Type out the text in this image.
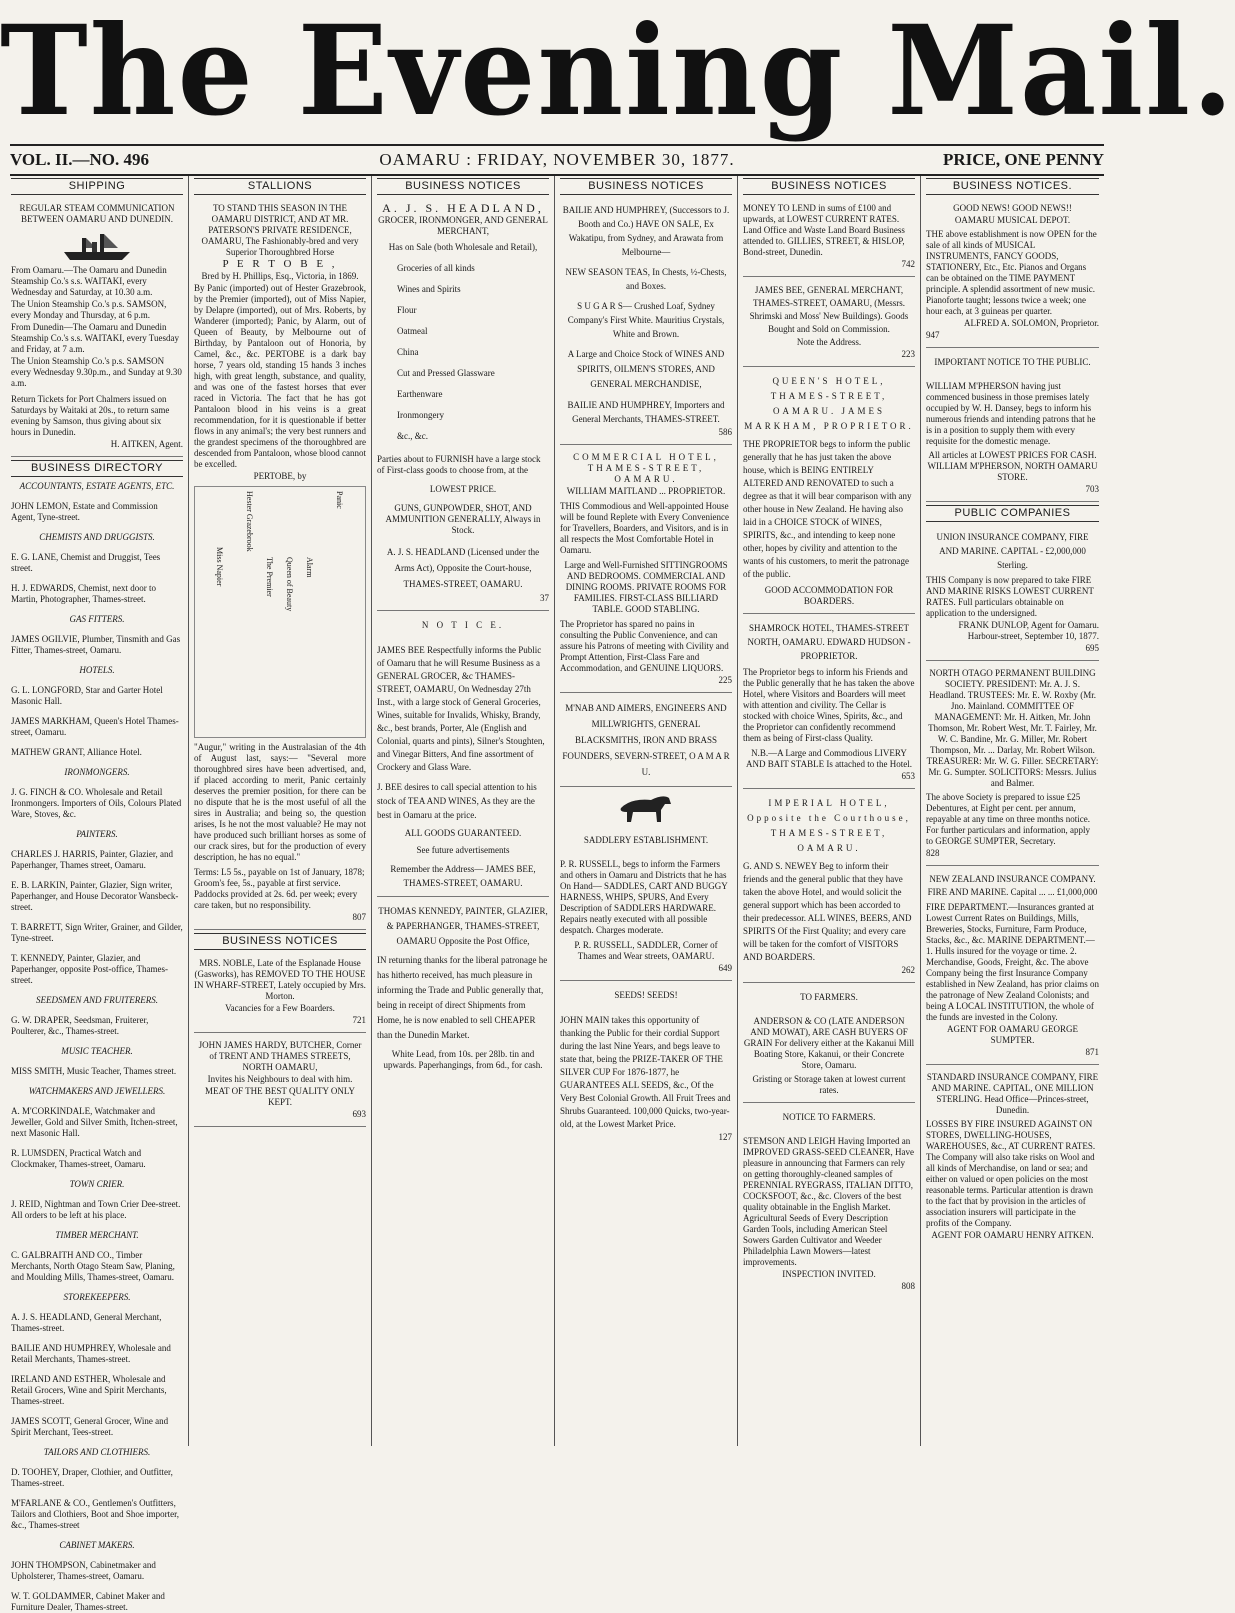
The Evening Mail.
OAMARU : FRIDAY, NOVEMBER 30, 1877.
VOL. II.—NO. 496	PRICE, ONE PENNY
SHIPPING

REGULAR STEAM COMMUNICATION BETWEEN OAMARU AND DUNEDIN.

From Oamaru.—The Oamaru and Dunedin Steamship Co.'s s.s. WAITAKI, every Wednesday and Saturday, at 10.30 a.m.

The Union Steamship Co.'s p.s. SAMSON, every Monday and Thursday, at 6 p.m.

From Dunedin—The Oamaru and Dunedin Steamship Co.'s s.s. WAITAKI, every Tuesday and Friday, at 7 a.m.

The Union Steamship Co.'s p.s. SAMSON every Wednesday 9.30p.m., and Sunday at 9.30 a.m.

Return Tickets for Port Chalmers issued on Saturdays by Waitaki at 20s., to return same evening by Samson, thus giving about six hours in Dunedin.

H. AITKEN, Agent.

BUSINESS DIRECTORY

ACCOUNTANTS, ESTATE AGENTS, ETC.

JOHN LEMON, Estate and Commission Agent, Tyne-street.

CHEMISTS AND DRUGGISTS.

E. G. LANE, Chemist and Druggist, Tees street.

H. J. EDWARDS, Chemist, next door to Martin, Photographer, Thames-street.

GAS FITTERS.

JAMES OGILVIE, Plumber, Tinsmith and Gas Fitter, Thames-street, Oamaru.

HOTELS.

G. L. LONGFORD, Star and Garter Hotel Masonic Hall.

JAMES MARKHAM, Queen's Hotel Thames-street, Oamaru.

MATHEW GRANT, Alliance Hotel.

IRONMONGERS.

J. G. FINCH & CO. Wholesale and Retail Ironmongers. Importers of Oils, Colours Plated Ware, Stoves, &c.

PAINTERS.

CHARLES J. HARRIS, Painter, Glazier, and Paperhanger, Thames street, Oamaru.

E. B. LARKIN, Painter, Glazier, Sign writer, Paperhanger, and House Decorator Wansbeck-street.

T. BARRETT, Sign Writer, Grainer, and Gilder, Tyne-street.

T. KENNEDY, Painter, Glazier, and Paperhanger, opposite Post-office, Thames-street.

SEEDSMEN AND FRUITERERS.

G. W. DRAPER, Seedsman, Fruiterer, Poulterer, &c., Thames-street.

MUSIC TEACHER.

MISS SMITH, Music Teacher, Thames street.

WATCHMAKERS AND JEWELLERS.

A. M'CORKINDALE, Watchmaker and Jeweller, Gold and Silver Smith, Itchen-street, next Masonic Hall.

R. LUMSDEN, Practical Watch and Clockmaker, Thames-street, Oamaru.

TOWN CRIER.

J. REID, Nightman and Town Crier Dee-street. All orders to be left at his place.

TIMBER MERCHANT.

C. GALBRAITH AND CO., Timber Merchants, North Otago Steam Saw, Planing, and Moulding Mills, Thames-street, Oamaru.

STOREKEEPERS.

A. J. S. HEADLAND, General Merchant, Thames-street.

BAILIE AND HUMPHREY, Wholesale and Retail Merchants, Thames-street.

IRELAND AND ESTHER, Wholesale and Retail Grocers, Wine and Spirit Merchants, Thames-street.

JAMES SCOTT, General Grocer, Wine and Spirit Merchant, Tees-street.

TAILORS AND CLOTHIERS.

D. TOOHEY, Draper, Clothier, and Outfitter, Thames-street.

M'FARLANE & CO., Gentlemen's Outfitters, Tailors and Clothiers, Boot and Shoe importer, &c., Thames-street

CABINET MAKERS.

JOHN THOMPSON, Cabinetmaker and Upholsterer, Thames-street, Oamaru.

W. T. GOLDAMMER, Cabinet Maker and Furniture Dealer, Thames-street.

STALLIONS

TO STAND THIS SEASON IN THE OAMARU DISTRICT, AND AT MR. PATERSON'S PRIVATE RESIDENCE, OAMARU, The Fashionably-bred and very Superior Thoroughbred Horse

P E R T O B E ,

Bred by H. Phillips, Esq., Victoria, in 1869.

By Panic (imported) out of Hester Grazebrook, by the Premier (imported), out of Miss Napier, by Delapre (imported), out of Mrs. Roberts, by Wanderer (imported); Panic, by Alarm, out of Queen of Beauty, by Melbourne out of Birthday, by Pantaloon out of Honoria, by Camel, &c., &c. PERTOBE is a dark bay horse, 7 years old, standing 15 hands 3 inches high, with great length, substance, and quality, and was one of the fastest horses that ever raced in Victoria. The fact that he has got Pantaloon blood in his veins is a great recommendation, for it is questionable if better flows in any animal's; the very best runners and the grandest specimens of the thoroughbred are descended from Pantaloon, whose blood cannot be excelled.

PERTOBE, by

Panic
Hester Grazebrook
Miss Napier	Alarm
Queen of Beauty
The Premier

"Augur," writing in the Australasian of the 4th of August last, says:— "Several more thoroughbred sires have been advertised, and, if placed according to merit, Panic certainly deserves the premier position, for there can be no dispute that he is the most useful of all the sires in Australia; and being so, the question arises, Is he not the most valuable? He may not have produced such brilliant horses as some of our crack sires, but for the production of every description, he has no equal."

Terms: L5 5s., payable on 1st of January, 1878; Groom's fee, 5s., payable at first service. Paddocks provided at 2s. 6d. per week; every care taken, but no responsibility.

807

BUSINESS NOTICES

MRS. NOBLE, Late of the Esplanade House (Gasworks), has REMOVED TO THE HOUSE IN WHARF-STREET, Lately occupied by Mrs. Morton.

Vacancies for a Few Boarders.

721

JOHN JAMES HARDY, BUTCHER, Corner of TRENT AND THAMES STREETS, NORTH OAMARU,

Invites his Neighbours to deal with him.

MEAT OF THE BEST QUALITY ONLY KEPT.

693

BUSINESS NOTICES

A. J. S. HEADLAND,

GROCER, IRONMONGER, AND GENERAL MERCHANT,

Has on Sale (both Wholesale and Retail),

Groceries of all kinds

Wines and Spirits

Flour

Oatmeal

China

Cut and Pressed Glassware

Earthenware

Ironmongery

&c., &c.

Parties about to FURNISH have a large stock of First-class goods to choose from, at the

LOWEST PRICE.

GUNS, GUNPOWDER, SHOT, AND AMMUNITION GENERALLY, Always in Stock.

A. J. S. HEADLAND (Licensed under the Arms Act), Opposite the Court-house, THAMES-STREET, OAMARU.

37

N O T I C E.

JAMES BEE Respectfully informs the Public of Oamaru that he will Resume Business as a GENERAL GROCER, &c THAMES-STREET, OAMARU, On Wednesday 27th Inst., with a large stock of General Groceries, Wines, suitable for Invalids, Whisky, Brandy, &c., best brands, Porter, Ale (English and Colonial, quarts and pints), Silner's Stoughten, and Vinegar Bitters, And fine assortment of Crockery and Glass Ware.

J. BEE desires to call special attention to his stock of TEA AND WINES, As they are the best in Oamaru at the price.

ALL GOODS GUARANTEED.

See future advertisements

Remember the Address— JAMES BEE, THAMES-STREET, OAMARU.

THOMAS KENNEDY, PAINTER, GLAZIER, & PAPERHANGER, THAMES-STREET, OAMARU Opposite the Post Office,

IN returning thanks for the liberal patronage he has hitherto received, has much pleasure in informing the Trade and Public generally that, being in receipt of direct Shipments from Home, he is now enabled to sell CHEAPER than the Dunedin Market.

White Lead, from 10s. per 28lb. tin and upwards. Paperhangings, from 6d., for cash.

BUSINESS NOTICES

BAILIE AND HUMPHREY, (Successors to J. Booth and Co.) HAVE ON SALE, Ex Wakatipu, from Sydney, and Arawata from Melbourne—

NEW SEASON TEAS, In Chests, ½-Chests, and Boxes.

S U G A R S— Crushed Loaf, Sydney Company's First White. Mauritius Crystals, White and Brown.

A Large and Choice Stock of WINES AND SPIRITS, OILMEN'S STORES, AND GENERAL MERCHANDISE,

BAILIE AND HUMPHREY, Importers and General Merchants, THAMES-STREET.

586

COMMERCIAL HOTEL, THAMES-STREET, OAMARU.

WILLIAM MAITLAND ... PROPRIETOR.

THIS Commodious and Well-appointed House will be found Replete with Every Convenience for Travellers, Boarders, and Visitors, and is in all respects the Most Comfortable Hotel in Oamaru.

Large and Well-Furnished SITTINGROOMS AND BEDROOMS. COMMERCIAL AND DINING ROOMS. PRIVATE ROOMS FOR FAMILIES. FIRST-CLASS BILLIARD TABLE. GOOD STABLING.

The Proprietor has spared no pains in consulting the Public Convenience, and can assure his Patrons of meeting with Civility and Prompt Attention, First-Class Fare and Accommodation, and GENUINE LIQUORS.

225

M'NAB AND AIMERS, ENGINEERS AND MILLWRIGHTS, GENERAL BLACKSMITHS, IRON AND BRASS FOUNDERS, SEVERN-STREET, O A M A R U.

SADDLERY ESTABLISHMENT.

P. R. RUSSELL, begs to inform the Farmers and others in Oamaru and Districts that he has On Hand— SADDLES, CART AND BUGGY HARNESS, WHIPS, SPURS, And Every Description of SADDLERS HARDWARE. Repairs neatly executed with all possible despatch. Charges moderate.

P. R. RUSSELL, SADDLER, Corner of Thames and Wear streets, OAMARU.

649

SEEDS! SEEDS!

JOHN MAIN takes this opportunity of thanking the Public for their cordial Support during the last Nine Years, and begs leave to state that, being the PRIZE-TAKER OF THE SILVER CUP For 1876-1877, he GUARANTEES ALL SEEDS, &c., Of the Very Best Colonial Growth. All Fruit Trees and Shrubs Guaranteed. 100,000 Quicks, two-year-old, at the Lowest Market Price.

127

BUSINESS NOTICES

MONEY TO LEND in sums of £100 and upwards, at LOWEST CURRENT RATES. Land Office and Waste Land Board Business attended to. GILLIES, STREET, & HISLOP, Bond-street, Dunedin.

742

JAMES BEE, GENERAL MERCHANT, THAMES-STREET, OAMARU, (Messrs. Shrimski and Moss' New Buildings). Goods Bought and Sold on Commission.

Note the Address.

223

QUEEN'S HOTEL, THAMES-STREET, OAMARU. JAMES MARKHAM, PROPRIETOR.

THE PROPRIETOR begs to inform the public generally that he has just taken the above house, which is BEING ENTIRELY ALTERED AND RENOVATED to such a degree as that it will bear comparison with any other house in New Zealand. He having also laid in a CHOICE STOCK of WINES, SPIRITS, &c., and intending to keep none other, hopes by civility and attention to the wants of his customers, to merit the patronage of the public.

GOOD ACCOMMODATION FOR BOARDERS.

SHAMROCK HOTEL, THAMES-STREET NORTH, OAMARU. EDWARD HUDSON - PROPRIETOR.

The Proprietor begs to inform his Friends and the Public generally that he has taken the above Hotel, where Visitors and Boarders will meet with attention and civility. The Cellar is stocked with choice Wines, Spirits, &c., and the Proprietor can confidently recommend them as being of First-class Quality.

N.B.—A Large and Commodious LIVERY AND BAIT STABLE Is attached to the Hotel.

653

IMPERIAL HOTEL, Opposite the Courthouse, THAMES-STREET, OAMARU.

G. AND S. NEWEY Beg to inform their friends and the general public that they have taken the above Hotel, and would solicit the general support which has been accorded to their predecessor. ALL WINES, BEERS, AND SPIRITS Of the First Quality; and every care will be taken for the comfort of VISITORS AND BOARDERS.

262

TO FARMERS.

ANDERSON & CO (LATE ANDERSON AND MOWAT), ARE CASH BUYERS OF GRAIN For delivery either at the Kakanui Mill Boating Store, Kakanui, or their Concrete Store, Oamaru.

Gristing or Storage taken at lowest current rates.

NOTICE TO FARMERS.

STEMSON AND LEIGH Having Imported an IMPROVED GRASS-SEED CLEANER, Have pleasure in announcing that Farmers can rely on getting thoroughly-cleaned samples of PERENNIAL RYEGRASS, ITALIAN DITTO, COCKSFOOT, &c., &c. Clovers of the best quality obtainable in the English Market. Agricultural Seeds of Every Description Garden Tools, including American Steel Sowers Garden Cultivator and Weeder Philadelphia Lawn Mowers—latest improvements.

INSPECTION INVITED.

808

BUSINESS NOTICES.

GOOD NEWS! GOOD NEWS!!

OAMARU MUSICAL DEPOT.

THE above establishment is now OPEN for the sale of all kinds of MUSICAL INSTRUMENTS, FANCY GOODS, STATIONERY, Etc., Etc. Pianos and Organs can be obtained on the TIME PAYMENT principle. A splendid assortment of new music. Pianoforte taught; lessons twice a week; one hour each, at 3 guineas per quarter.

ALFRED A. SOLOMON, Proprietor.

947

IMPORTANT NOTICE TO THE PUBLIC.

WILLIAM M'PHERSON having just commenced business in those premises lately occupied by W. H. Dansey, begs to inform his numerous friends and intending patrons that he is in a position to supply them with every requisite for the domestic menage.

All articles at LOWEST PRICES FOR CASH. WILLIAM M'PHERSON, NORTH OAMARU STORE.

703

PUBLIC COMPANIES

UNION INSURANCE COMPANY, FIRE AND MARINE. CAPITAL - £2,000,000 Sterling.

THIS Company is now prepared to take FIRE AND MARINE RISKS LOWEST CURRENT RATES. Full particulars obtainable on application to the undersigned.

FRANK DUNLOP, Agent for Oamaru. Harbour-street, September 10, 1877.

695

NORTH OTAGO PERMANENT BUILDING SOCIETY. PRESIDENT: Mr. A. J. S. Headland. TRUSTEES: Mr. E. W. Roxby (Mr. Jno. Mainland. COMMITTEE OF MANAGEMENT: Mr. H. Aitken, Mr. John Thomson, Mr. Robert West, Mr. T. Fairley, Mr. W. C. Bandine, Mr. G. Miller, Mr. Robert Thompson, Mr. ... Darlay, Mr. Robert Wilson. TREASURER: Mr. W. G. Filler. SECRETARY: Mr. G. Sumpter. SOLICITORS: Messrs. Julius and Balmer.

The above Society is prepared to issue £25 Debentures, at Eight per cent. per annum, repayable at any time on three months notice. For further particulars and information, apply to GEORGE SUMPTER, Secretary.

828

NEW ZEALAND INSURANCE COMPANY. FIRE AND MARINE. Capital ... ... £1,000,000

FIRE DEPARTMENT.—Insurances granted at Lowest Current Rates on Buildings, Mills, Breweries, Stocks, Furniture, Farm Produce, Stacks, &c., &c. MARINE DEPARTMENT.—1. Hulls insured for the voyage or time. 2. Merchandise, Goods, Freight, &c. The above Company being the first Insurance Company established in New Zealand, has prior claims on the patronage of New Zealand Colonists; and being A LOCAL INSTITUTION, the whole of the funds are invested in the Colony.

AGENT FOR OAMARU GEORGE SUMPTER.

871

STANDARD INSURANCE COMPANY, FIRE AND MARINE. CAPITAL, ONE MILLION STERLING. Head Office—Princes-street, Dunedin.

LOSSES BY FIRE INSURED AGAINST ON STORES, DWELLING-HOUSES, WAREHOUSES, &c., AT CURRENT RATES. The Company will also take risks on Wool and all kinds of Merchandise, on land or sea; and either on valued or open policies on the most reasonable terms. Particular attention is drawn to the fact that by provision in the articles of association insurers will participate in the profits of the Company.

AGENT FOR OAMARU HENRY AITKEN.
